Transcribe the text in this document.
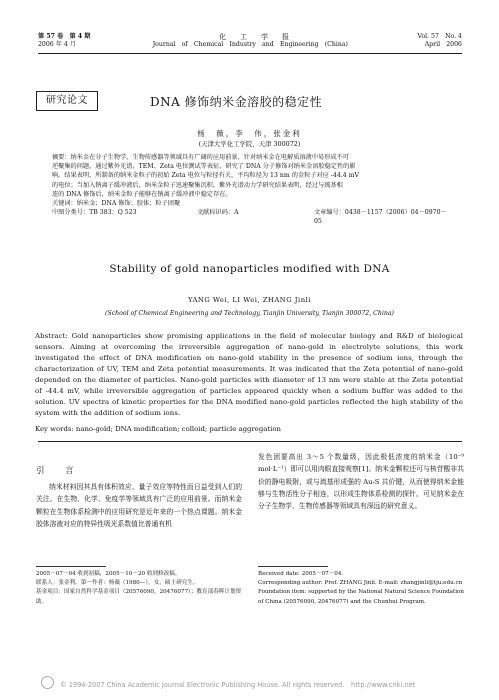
第 57 卷　第 4 期	化　　工　　学　　报	Vol. 57　No. 4
2006 年 4 月	Journal　of　Chemical　Industry　and　Engineering　(China)	April　2006
研究论文	DNA 修饰纳米金溶胶的稳定性
杨　薇，李　伟，张金利
(天津大学化工学院，天津 300072)
摘要：纳米金在分子生物学、生物传感器等领域具有广阔的应用前景，针对纳米金在电解质溶液中易形成不可
逆聚集的问题，通过紫外光谱、TEM、Zeta 电位测试等表征，研究了 DNA 分子修饰对纳米金溶胶稳定性的影
响。结果表明，所制备的纳米金粒子的初始 Zeta 电位与粒径有关，平均粒径为 13 nm 的金粒子对应 -44.4 mV
的电位；当加入钠离子缓冲液后，纳米金粒子迅速聚集沉积。紫外光谱动力学研究结果表明，经过与巯基相
连的 DNA 修饰后，纳米金粒子能够在钠离子缓冲液中稳定存在。
关键词：纳米金；DNA 修饰；胶体；粒子团聚
中图分类号：TB 383；Q 523	文献标识码：A	文章编号：0438－1157（2006）04－0970－05
Stability of gold nanoparticles modified with DNA
YANG Wei, LI Wei, ZHANG Jinli
(School of Chemical Engineering and Technology, Tianjin University, Tianjin 300072, China)
Abstract: Gold nanoparticles show promising applications in the field of molecular biology and R&D of biological sensors. Aiming at overcoming the irreversible aggregation of nano-gold in electrolyte solutions, this work investigated the effect of DNA modification on nano-gold stability in the presence of sodium ions, through the characterization of UV, TEM and Zeta potential measurements. It was indicated that the Zeta potential of nano-gold depended on the diameter of particles. Nano-gold particles with diameter of 13 nm were stable at the Zeta potential of -44.4 mV, while irreversible aggregation of particles appeared quickly when a sodium buffer was added to the solution. UV spectra of kinetic properties for the DNA modified nano-gold particles reflected the high stability of the system with the addition of sodium ions.
Key words: nano-gold; DNA modification; colloid; particle aggregation
引　言
纳米材料因其具有体积效应、量子效应等特性而日益受到人们的关注。在生物、化学、免疫学等领域具有广泛的应用前景。而纳米金颗粒在生物体系检测中的应用研究是近年来的一个热点课题。纳米金胶体溶液对应的特异性吸光系数值比普通有机
发色团要高出 3～5 个数量级，因此极低浓度的纳米金（10⁻⁹ mol·L⁻¹）即可以用肉眼直接观察[1]。纳米金颗粒还可与核苷酸非共价的静电吸附，或与巯基形成强的 Au-S 共价键，从而使得纳米金能够与生物活性分子相连，以形成生物体系检测的探针。可见纳米金在分子生物学、生物传感器等领域具有深远的研究意义。
2005－07－04 收到初稿，2005－10－20 收到修改稿。
联系人：张金利。第一作者：杨薇（1980—），女，硕士研究生。
基金项目：国家自然科学基金项目（20576090，20476077）；教育部春晖计划资助。
Received date: 2005－07－04.
Corresponding author: Prof. ZHANG Jinli. E-mail: zhangjinli@tju.edu.cn
Foundation item: supported by the National Natural Science Foundation of China (20576090, 20476077) and the Chunhui Program.
© 1994-2007 China Academic Journal Electronic Publishing House. All rights reserved.　http://www.cnki.net
